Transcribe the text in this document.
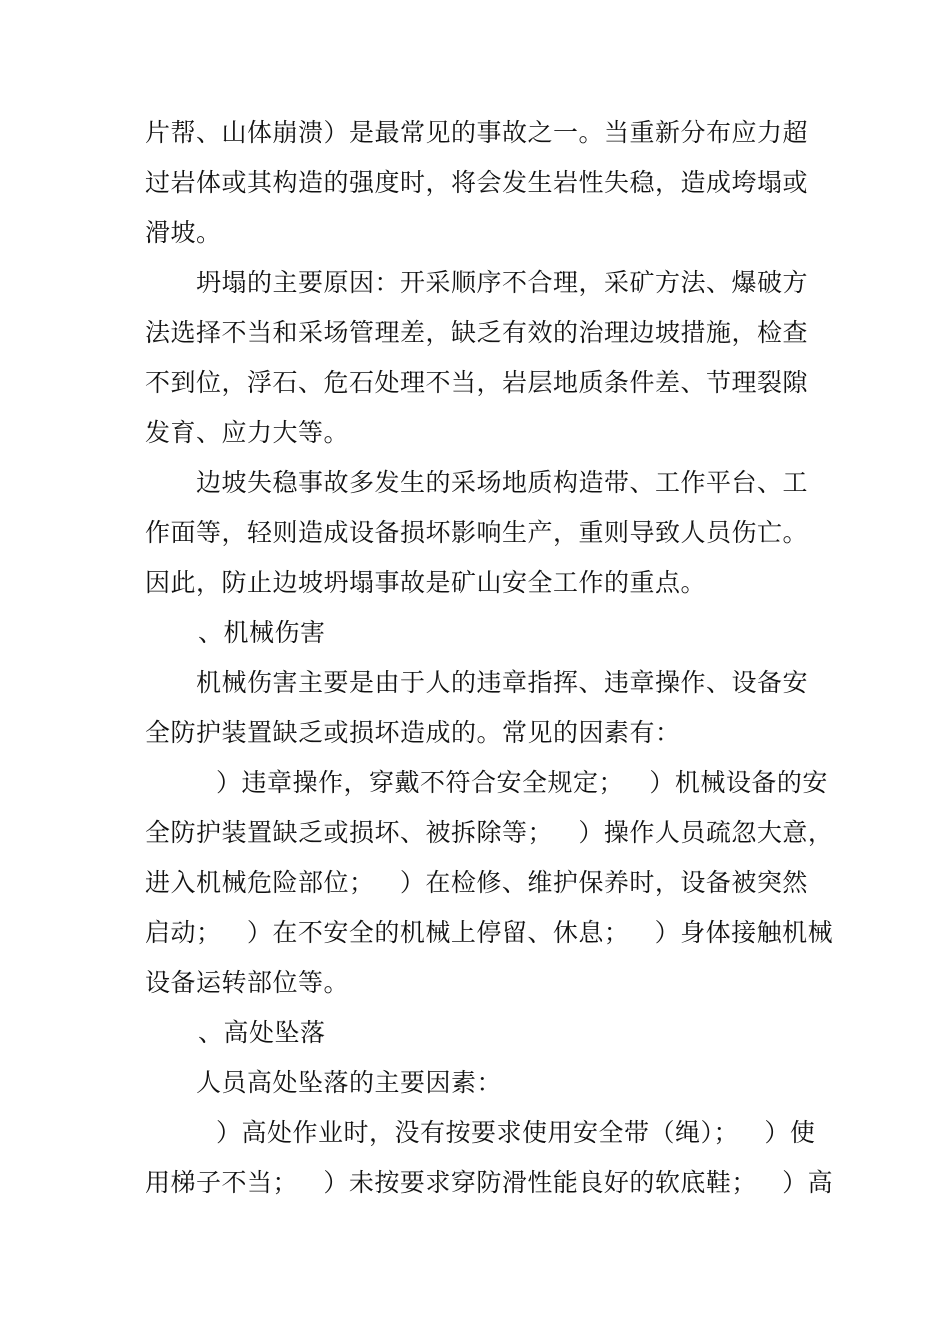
片帮、山体崩溃）是最常见的事故之一。当重新分布应力超
过岩体或其构造的强度时，将会发生岩性失稳，造成垮塌或
滑坡。
坍塌的主要原因：开采顺序不合理，采矿方法、爆破方
法选择不当和采场管理差，缺乏有效的治理边坡措施，检查
不到位，浮石、危石处理不当，岩层地质条件差、节理裂隙
发育、应力大等。
边坡失稳事故多发生的采场地质构造带、工作平台、工
作面等，轻则造成设备损坏影响生产，重则导致人员伤亡。
因此，防止边坡坍塌事故是矿山安全工作的重点。
、机械伤害
机械伤害主要是由于人的违章指挥、违章操作、设备安
全防护装置缺乏或损坏造成的。常见的因素有：
）违章操作，穿戴不符合安全规定；   ）机械设备的安
全防护装置缺乏或损坏、被拆除等；   ）操作人员疏忽大意，
进入机械危险部位；   ）在检修、维护保养时，设备被突然
启动；   ）在不安全的机械上停留、休息；   ）身体接触机械
设备运转部位等。
、高处坠落
人员高处坠落的主要因素：
）高处作业时，没有按要求使用安全带（绳）；   ）使
用梯子不当；   ）未按要求穿防滑性能良好的软底鞋；   ）高
